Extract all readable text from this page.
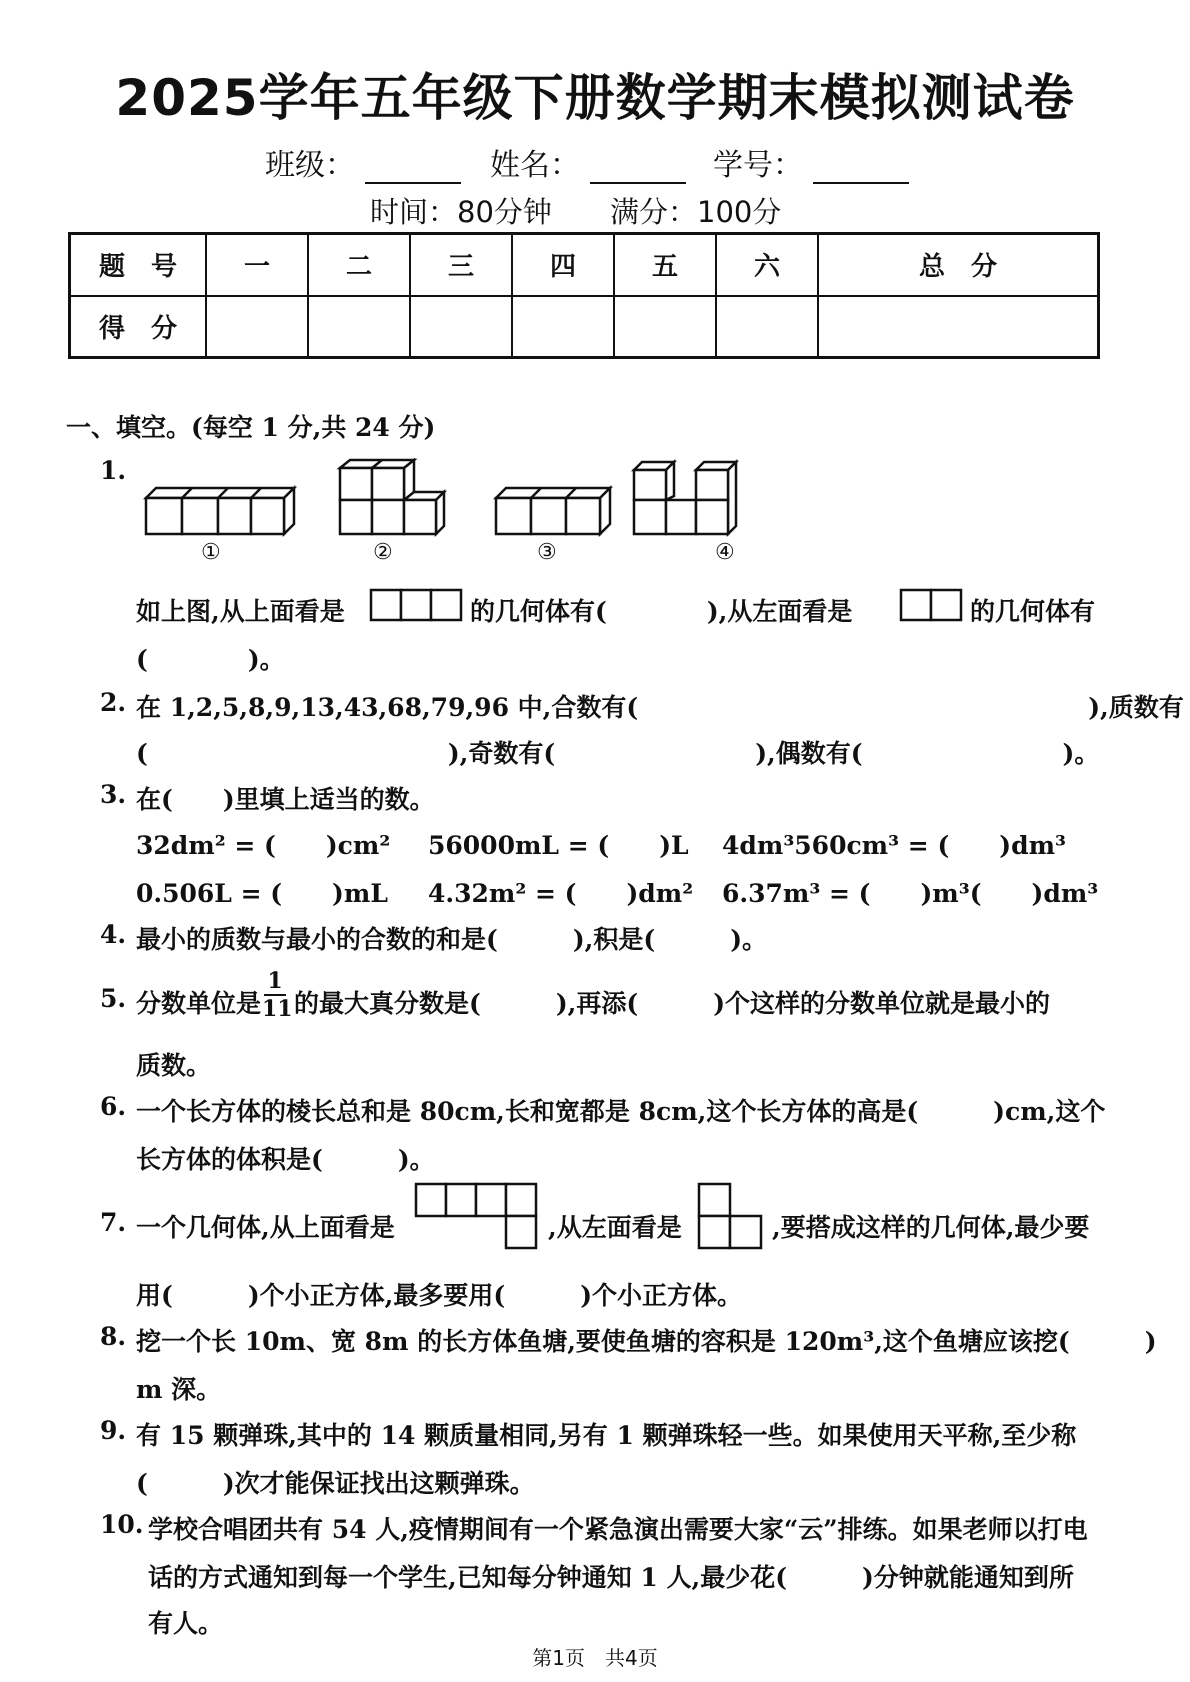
2025学年五年级下册数学期末模拟测试卷
班级：	姓名：	学号：
时间：80分钟 满分：100分
题　号	一	二	三	四	五	六	总　分
得　分							
一、填空。(每空 1 分,共 24 分)
1.
①	②	③	④
如上图,从上面看是	的几何体有(　　　　),从左面看是	的几何体有
(　　　　)。
2. 在 1,2,5,8,9,13,43,68,79,96 中,合数有(　　　　　　　　　　　　　　　　　　),质数有
(　　　　　　　　　　　　),奇数有(　　　　　　　　),偶数有(　　　　　　　　)。
3. 在(　　)里填上适当的数。
32dm² = (　　)cm² 56000mL = (　　)L 4dm³560cm³ = (　　)dm³
0.506L = (　　)mL 4.32m² = (　　)dm² 6.37m³ = (　　)m³(　　)dm³
4. 最小的质数与最小的合数的和是(　　　),积是(　　　)。
5. 分数单位是
1
11 的最大真分数是(　　　),再添(　　　)个这样的分数单位就是最小的
质数。
6. 一个长方体的棱长总和是 80cm,长和宽都是 8cm,这个长方体的高是(　　　)cm,这个
长方体的体积是(　　　)。
7. 一个几何体,从上面看是	,从左面看是	,要搭成这样的几何体,最少要
用(　　　)个小正方体,最多要用(　　　)个小正方体。
8. 挖一个长 10m、宽 8m 的长方体鱼塘,要使鱼塘的容积是 120m³,这个鱼塘应该挖(　　　)
m 深。
9. 有 15 颗弹珠,其中的 14 颗质量相同,另有 1 颗弹珠轻一些。如果使用天平称,至少称
(　　　)次才能保证找出这颗弹珠。
10. 学校合唱团共有 54 人,疫情期间有一个紧急演出需要大家“云”排练。如果老师以打电
话的方式通知到每一个学生,已知每分钟通知 1 人,最少花(　　　)分钟就能通知到所
有人。
第1页　共4页
